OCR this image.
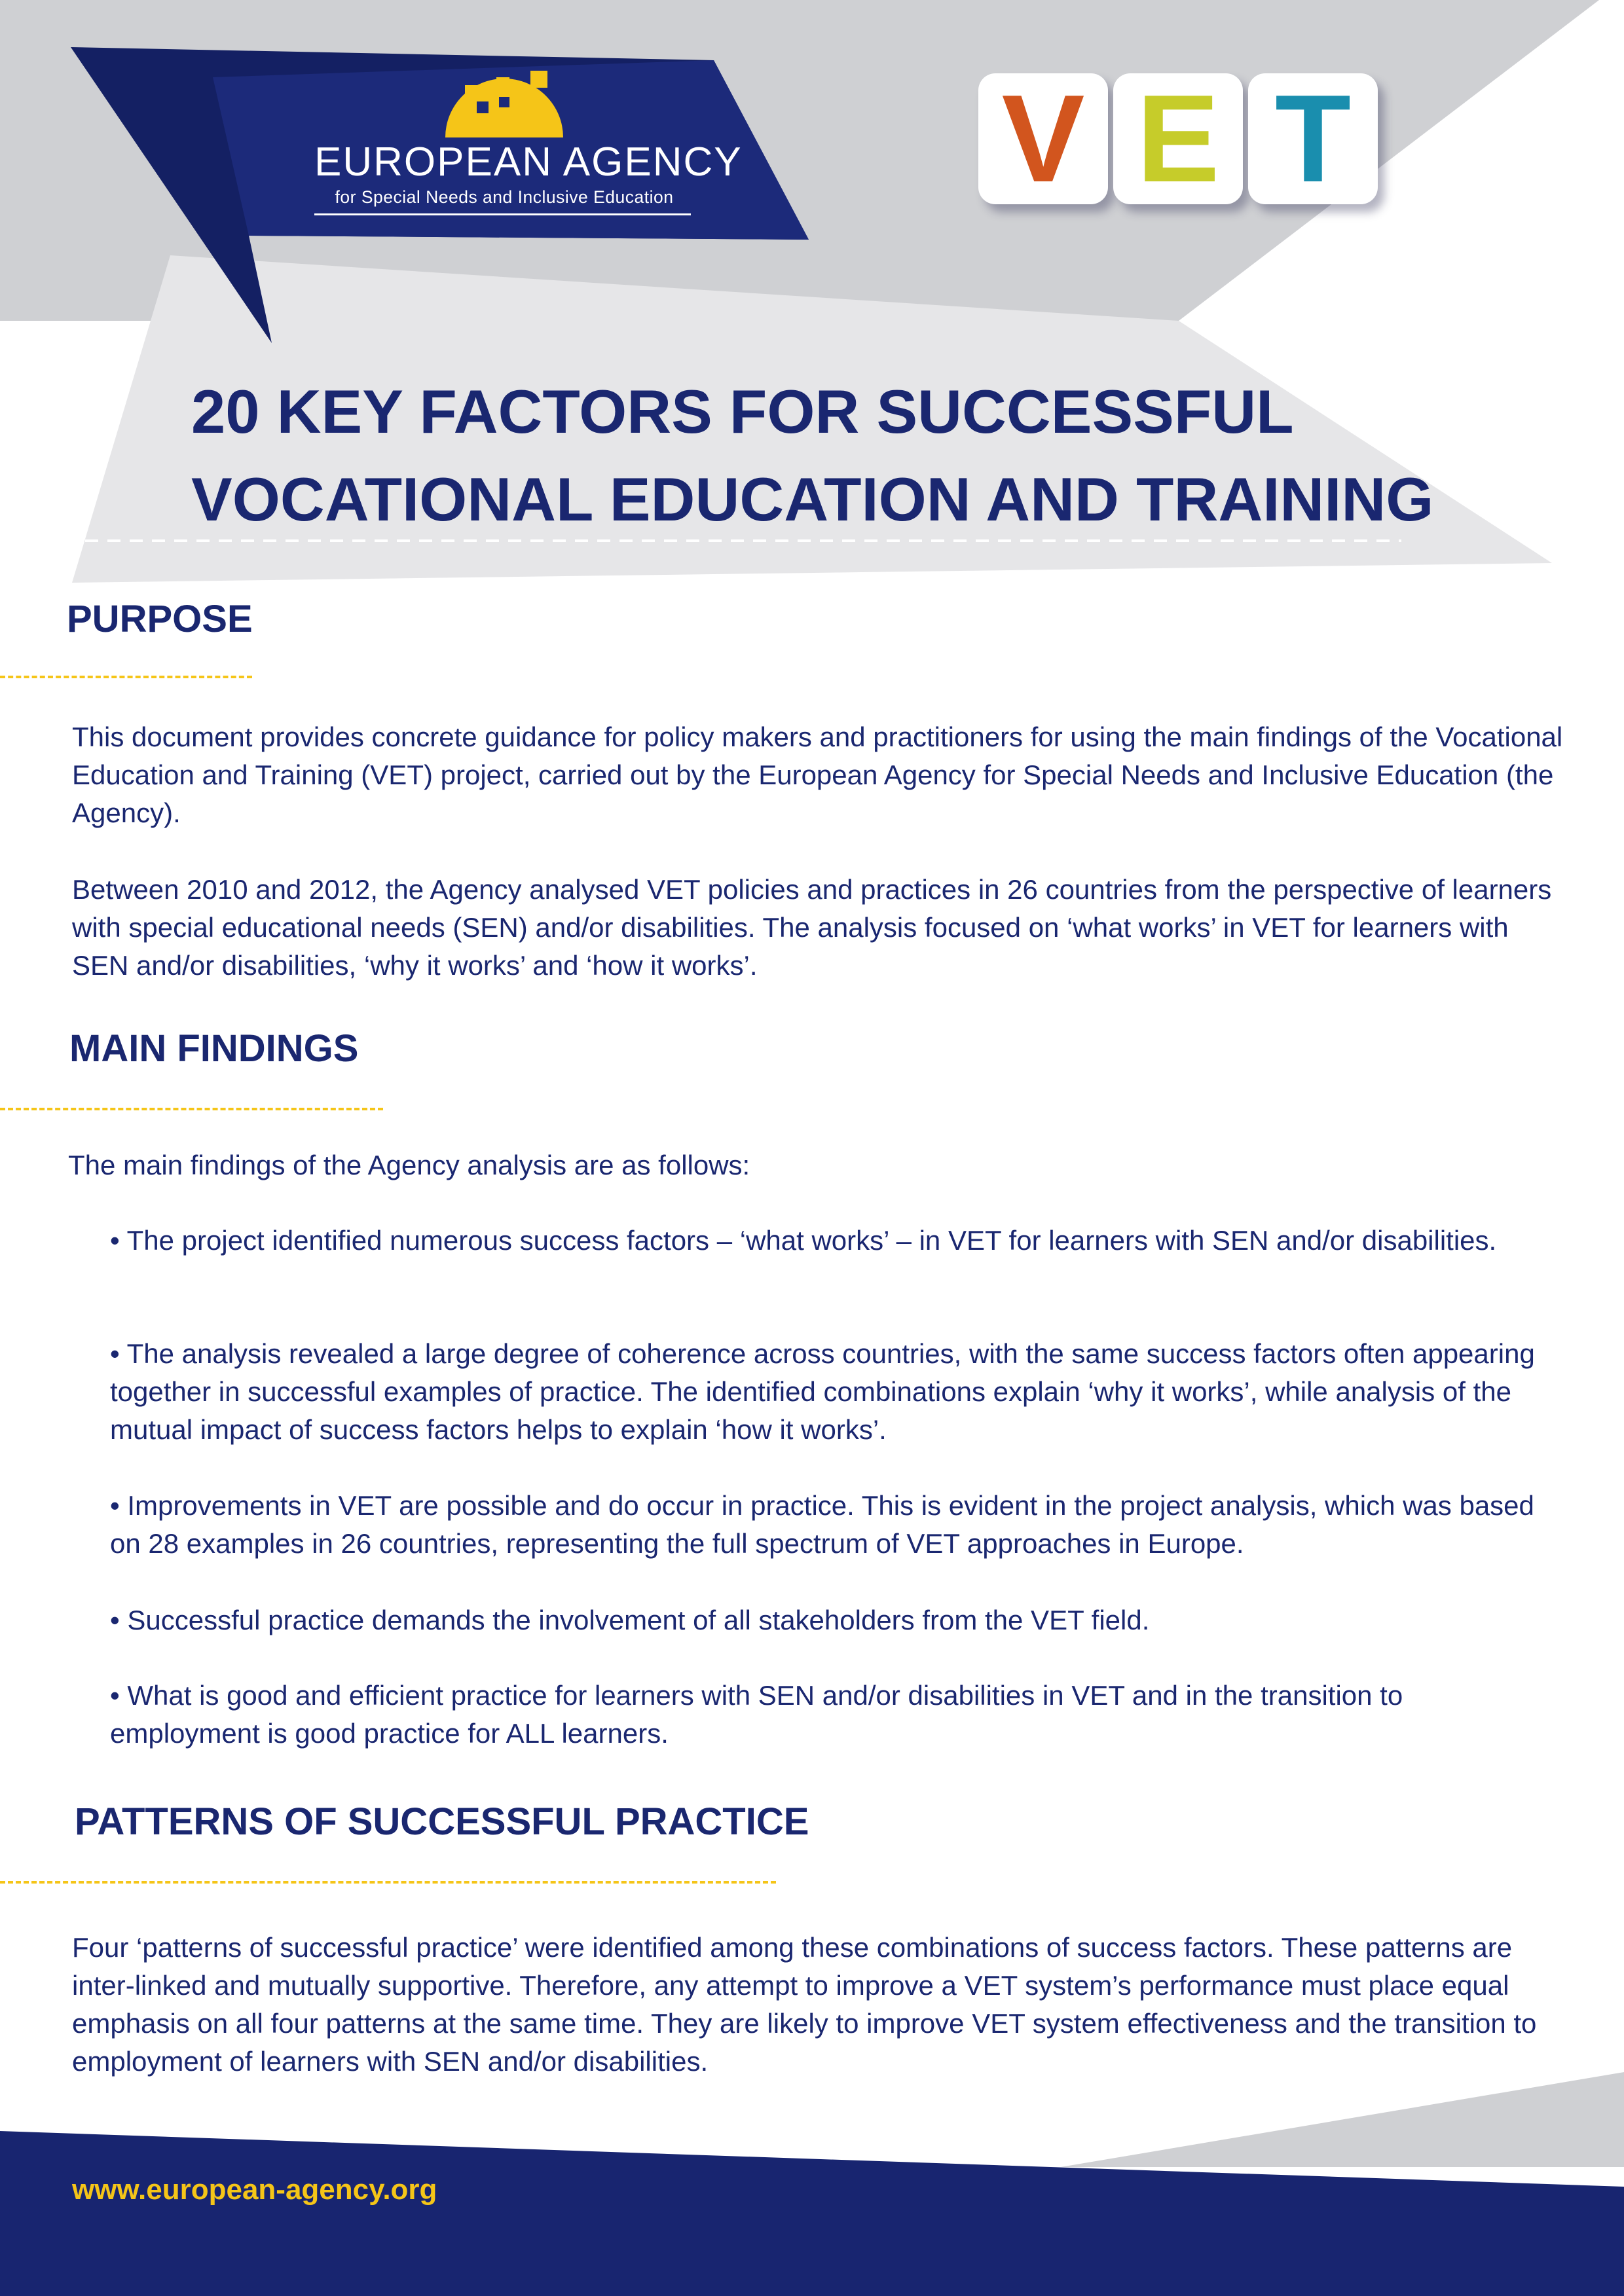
EUROPEAN AGENCY
for Special Needs and Inclusive Education	V E T
20 KEY FACTORS FOR SUCCESSFUL
VOCATIONAL EDUCATION AND TRAINING
PURPOSE

This document provides concrete guidance for policy makers and practitioners for using the main findings of the Vocational Education and Training (VET) project, carried out by the European Agency for Special Needs and Inclusive Education (the Agency).

Between 2010 and 2012, the Agency analysed VET policies and practices in 26 countries from the perspective of learners with special educational needs (SEN) and/or disabilities. The analysis focused on ‘what works’ in VET for learners with SEN and/or disabilities, ‘why it works’ and ‘how it works’.

MAIN FINDINGS

The main findings of the Agency analysis are as follows:

• The project identified numerous success factors – ‘what works’ – in VET for learners with SEN and/or disabilities.

• The analysis revealed a large degree of coherence across countries, with the same success factors often appearing together in successful examples of practice. The identified combinations explain ‘why it works’, while analysis of the mutual impact of success factors helps to explain ‘how it works’.

• Improvements in VET are possible and do occur in practice. This is evident in the project analysis, which was based on 28 examples in 26 countries, representing the full spectrum of VET approaches in Europe.

• Successful practice demands the involvement of all stakeholders from the VET field.

• What is good and efficient practice for learners with SEN and/or disabilities in VET and in the transition to employment is good practice for ALL learners.

PATTERNS OF SUCCESSFUL PRACTICE

Four ‘patterns of successful practice’ were identified among these combinations of success factors. These patterns are inter-linked and mutually supportive. Therefore, any attempt to improve a VET system’s performance must place equal emphasis on all four patterns at the same time. They are likely to improve VET system effectiveness and the transition to employment of learners with SEN and/or disabilities.

www.european-agency.org
